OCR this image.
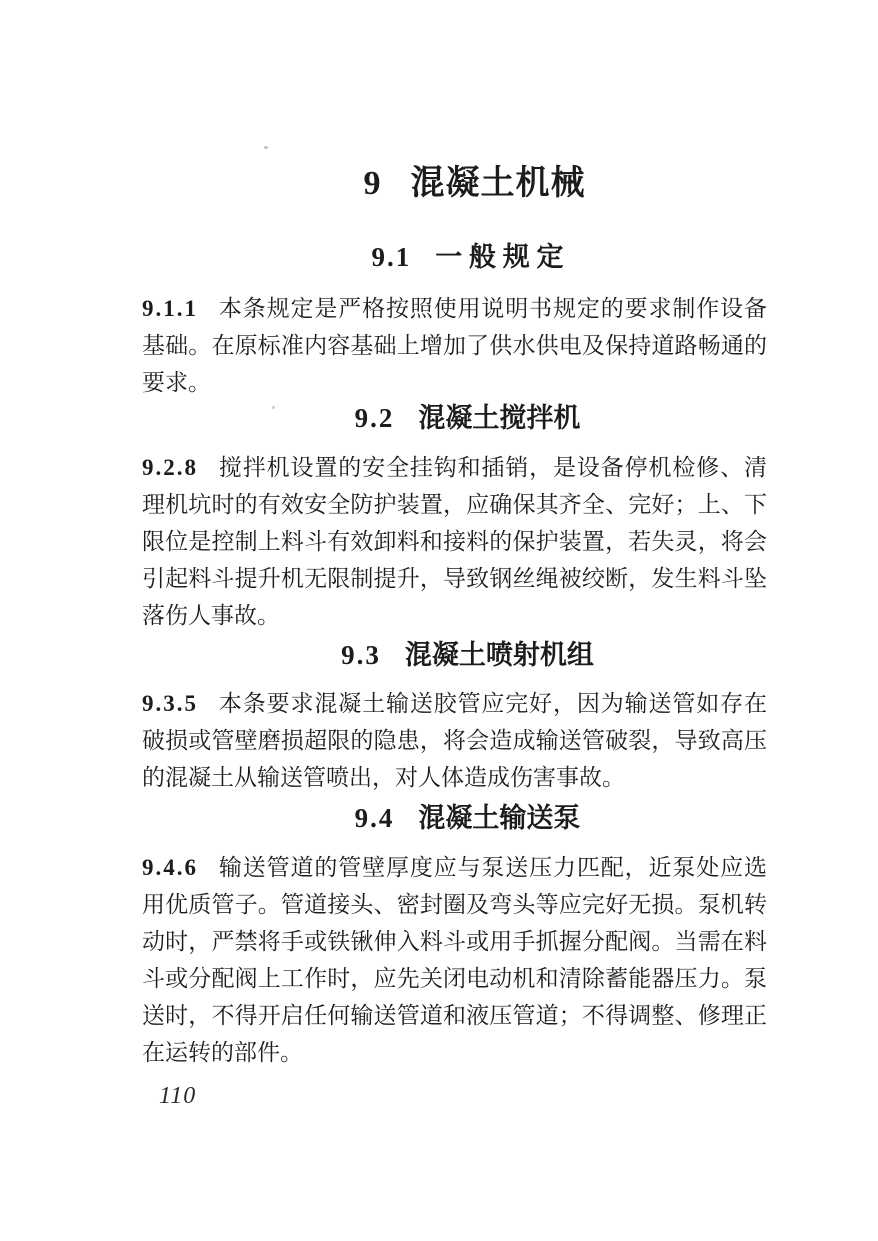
9 混凝土机械
9.1 一 般 规 定

9.1.1 本条规定是严格按照使用说明书规定的要求制作设备基础。在原标准内容基础上增加了供水供电及保持道路畅通的要求。

9.2 混凝土搅拌机

9.2.8 搅拌机设置的安全挂钩和插销，是设备停机检修、清理机坑时的有效安全防护装置，应确保其齐全、完好；上、下限位是控制上料斗有效卸料和接料的保护装置，若失灵，将会引起料斗提升机无限制提升，导致钢丝绳被绞断，发生料斗坠落伤人事故。

9.3 混凝土喷射机组

9.3.5 本条要求混凝土输送胶管应完好，因为输送管如存在破损或管壁磨损超限的隐患，将会造成输送管破裂，导致高压的混凝土从输送管喷出，对人体造成伤害事故。

9.4 混凝土输送泵

9.4.6 输送管道的管壁厚度应与泵送压力匹配，近泵处应选用优质管子。管道接头、密封圈及弯头等应完好无损。泵机转动时，严禁将手或铁锹伸入料斗或用手抓握分配阀。当需在料斗或分配阀上工作时，应先关闭电动机和清除蓄能器压力。泵送时，不得开启任何输送管道和液压管道；不得调整、修理正在运转的部件。

110
